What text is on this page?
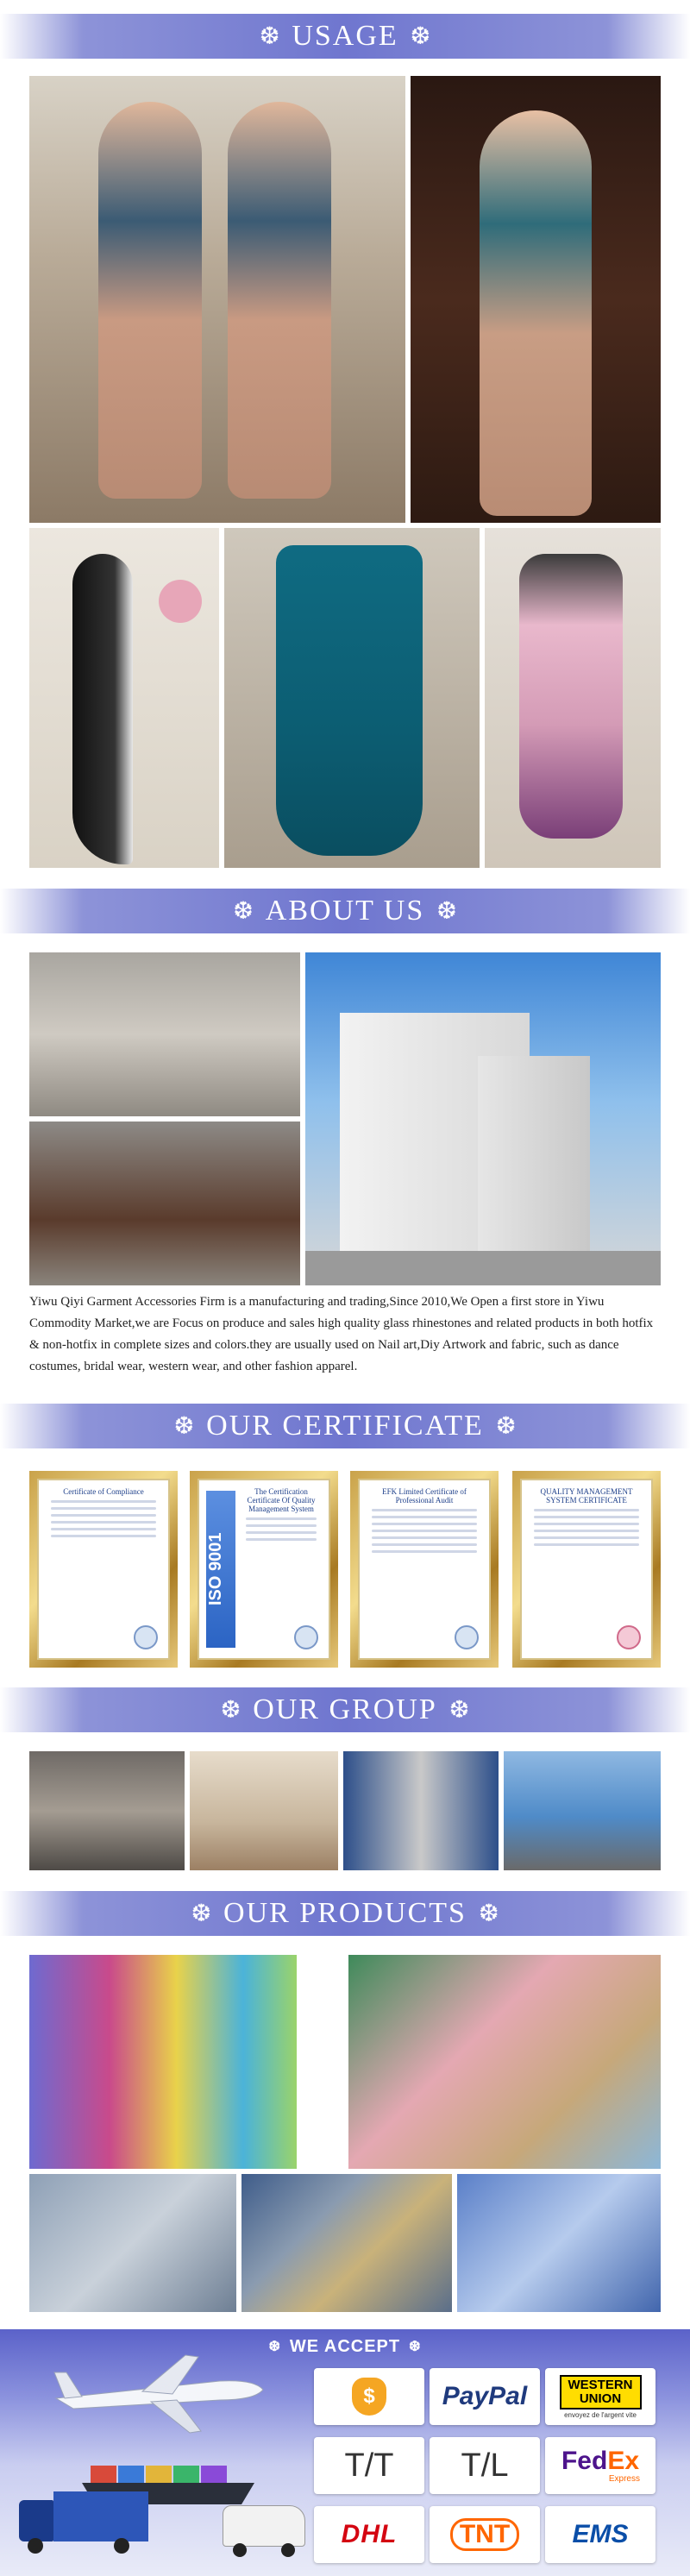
❆ USAGE ❆
❆ ABOUT US ❆

Yiwu Qiyi Garment Accessories Firm is a manufacturing and trading,Since 2010,We Open a first store in Yiwu Commodity Market,we are Focus on produce and sales high quality glass rhinestones and related products in both hotfix & non-hotfix in complete sizes and colors.they are usually used on Nail art,Diy Artwork and fabric, such as dance costumes, bridal wear, western wear, and other fashion apparel.

❆ OUR CERTIFICATE ❆
Certificate of Compliance
ISO 9001
The Certification Certificate Of Quality Management System
EFK Limited Certificate of Professional Audit
QUALITY MANAGEMENT SYSTEM CERTIFICATE
❆ OUR GROUP ❆
❆ OUR PRODUCTS ❆
❆ WE ACCEPT ❆
$	PayPal	WESTERN
UNION
envoyez de l'argent vite
T/T T/L FedEx
Express
DHL	TNT	EMS
